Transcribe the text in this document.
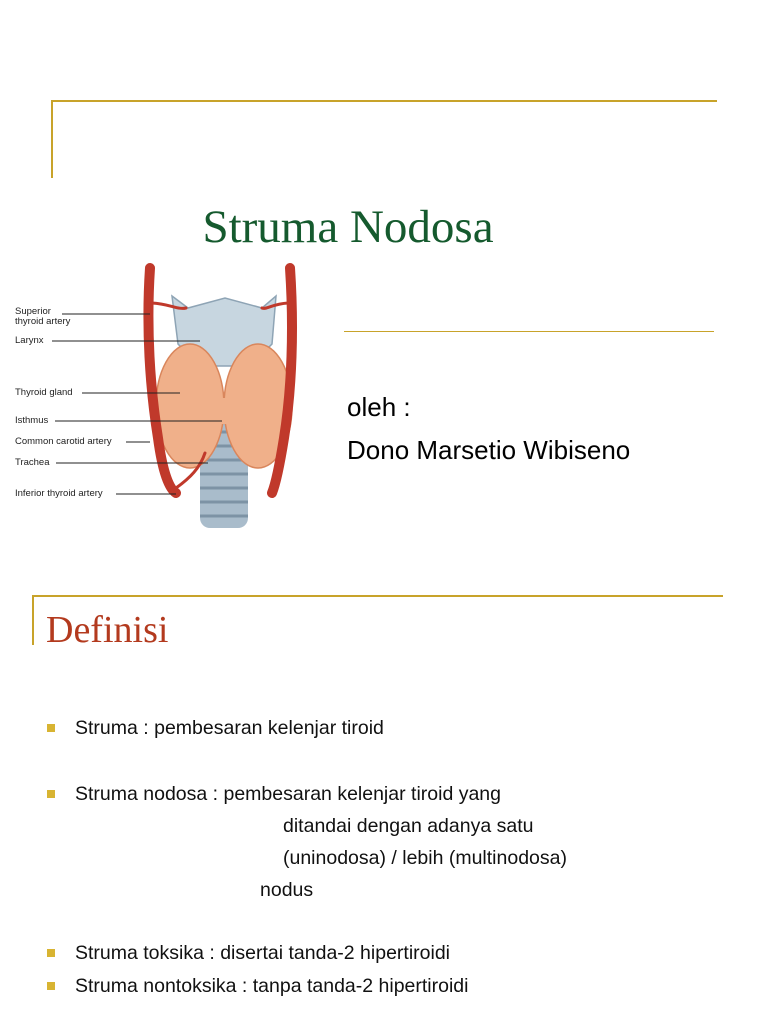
Struma Nodosa
oleh :
Dono Marsetio Wibiseno
Superior
thyroid artery
Larynx
Thyroid gland
Isthmus
Common carotid artery
Trachea
Inferior thyroid artery
Definisi
Struma : pembesaran kelenjar tiroid
Struma nodosa : pembesaran kelenjar tiroid yang
ditandai dengan adanya satu
(uninodosa) / lebih (multinodosa)
nodus
Struma toksika : disertai tanda-2 hipertiroidi
Struma nontoksika : tanpa tanda-2 hipertiroidi
